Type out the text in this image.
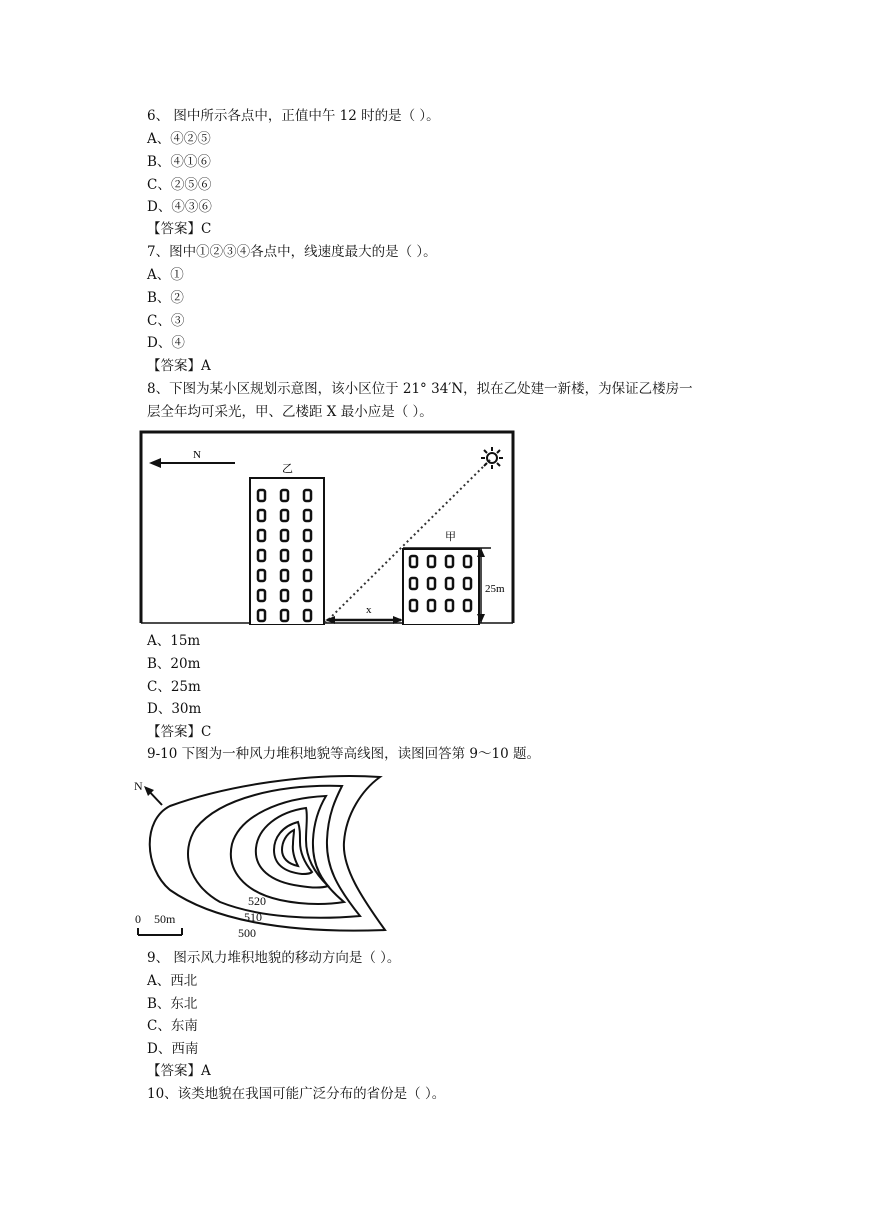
6、 图中所示各点中，正值中午 12 时的是（ ）。
A、④②⑤
B、④①⑥
C、②⑤⑥
D、④③⑥
【答案】C
7、图中①②③④各点中，线速度最大的是（ ）。
A、①
B、②
C、③
D、④
【答案】A
8、下图为某小区规划示意图，该小区位于 21° 34′N，拟在乙处建一新楼，为保证乙楼房一
层全年均可采光，甲、乙楼距 X 最小应是（ ）。
N
乙
甲
25m
x
A、15m
B、20m
C、25m
D、30m
【答案】C
9-10 下图为一种风力堆积地貌等高线图，读图回答第 9～10 题。
N
520
510
500
0 50m
9、 图示风力堆积地貌的移动方向是（ ）。
A、西北
B、东北
C、东南
D、西南
【答案】A
10、该类地貌在我国可能广泛分布的省份是（ ）。
